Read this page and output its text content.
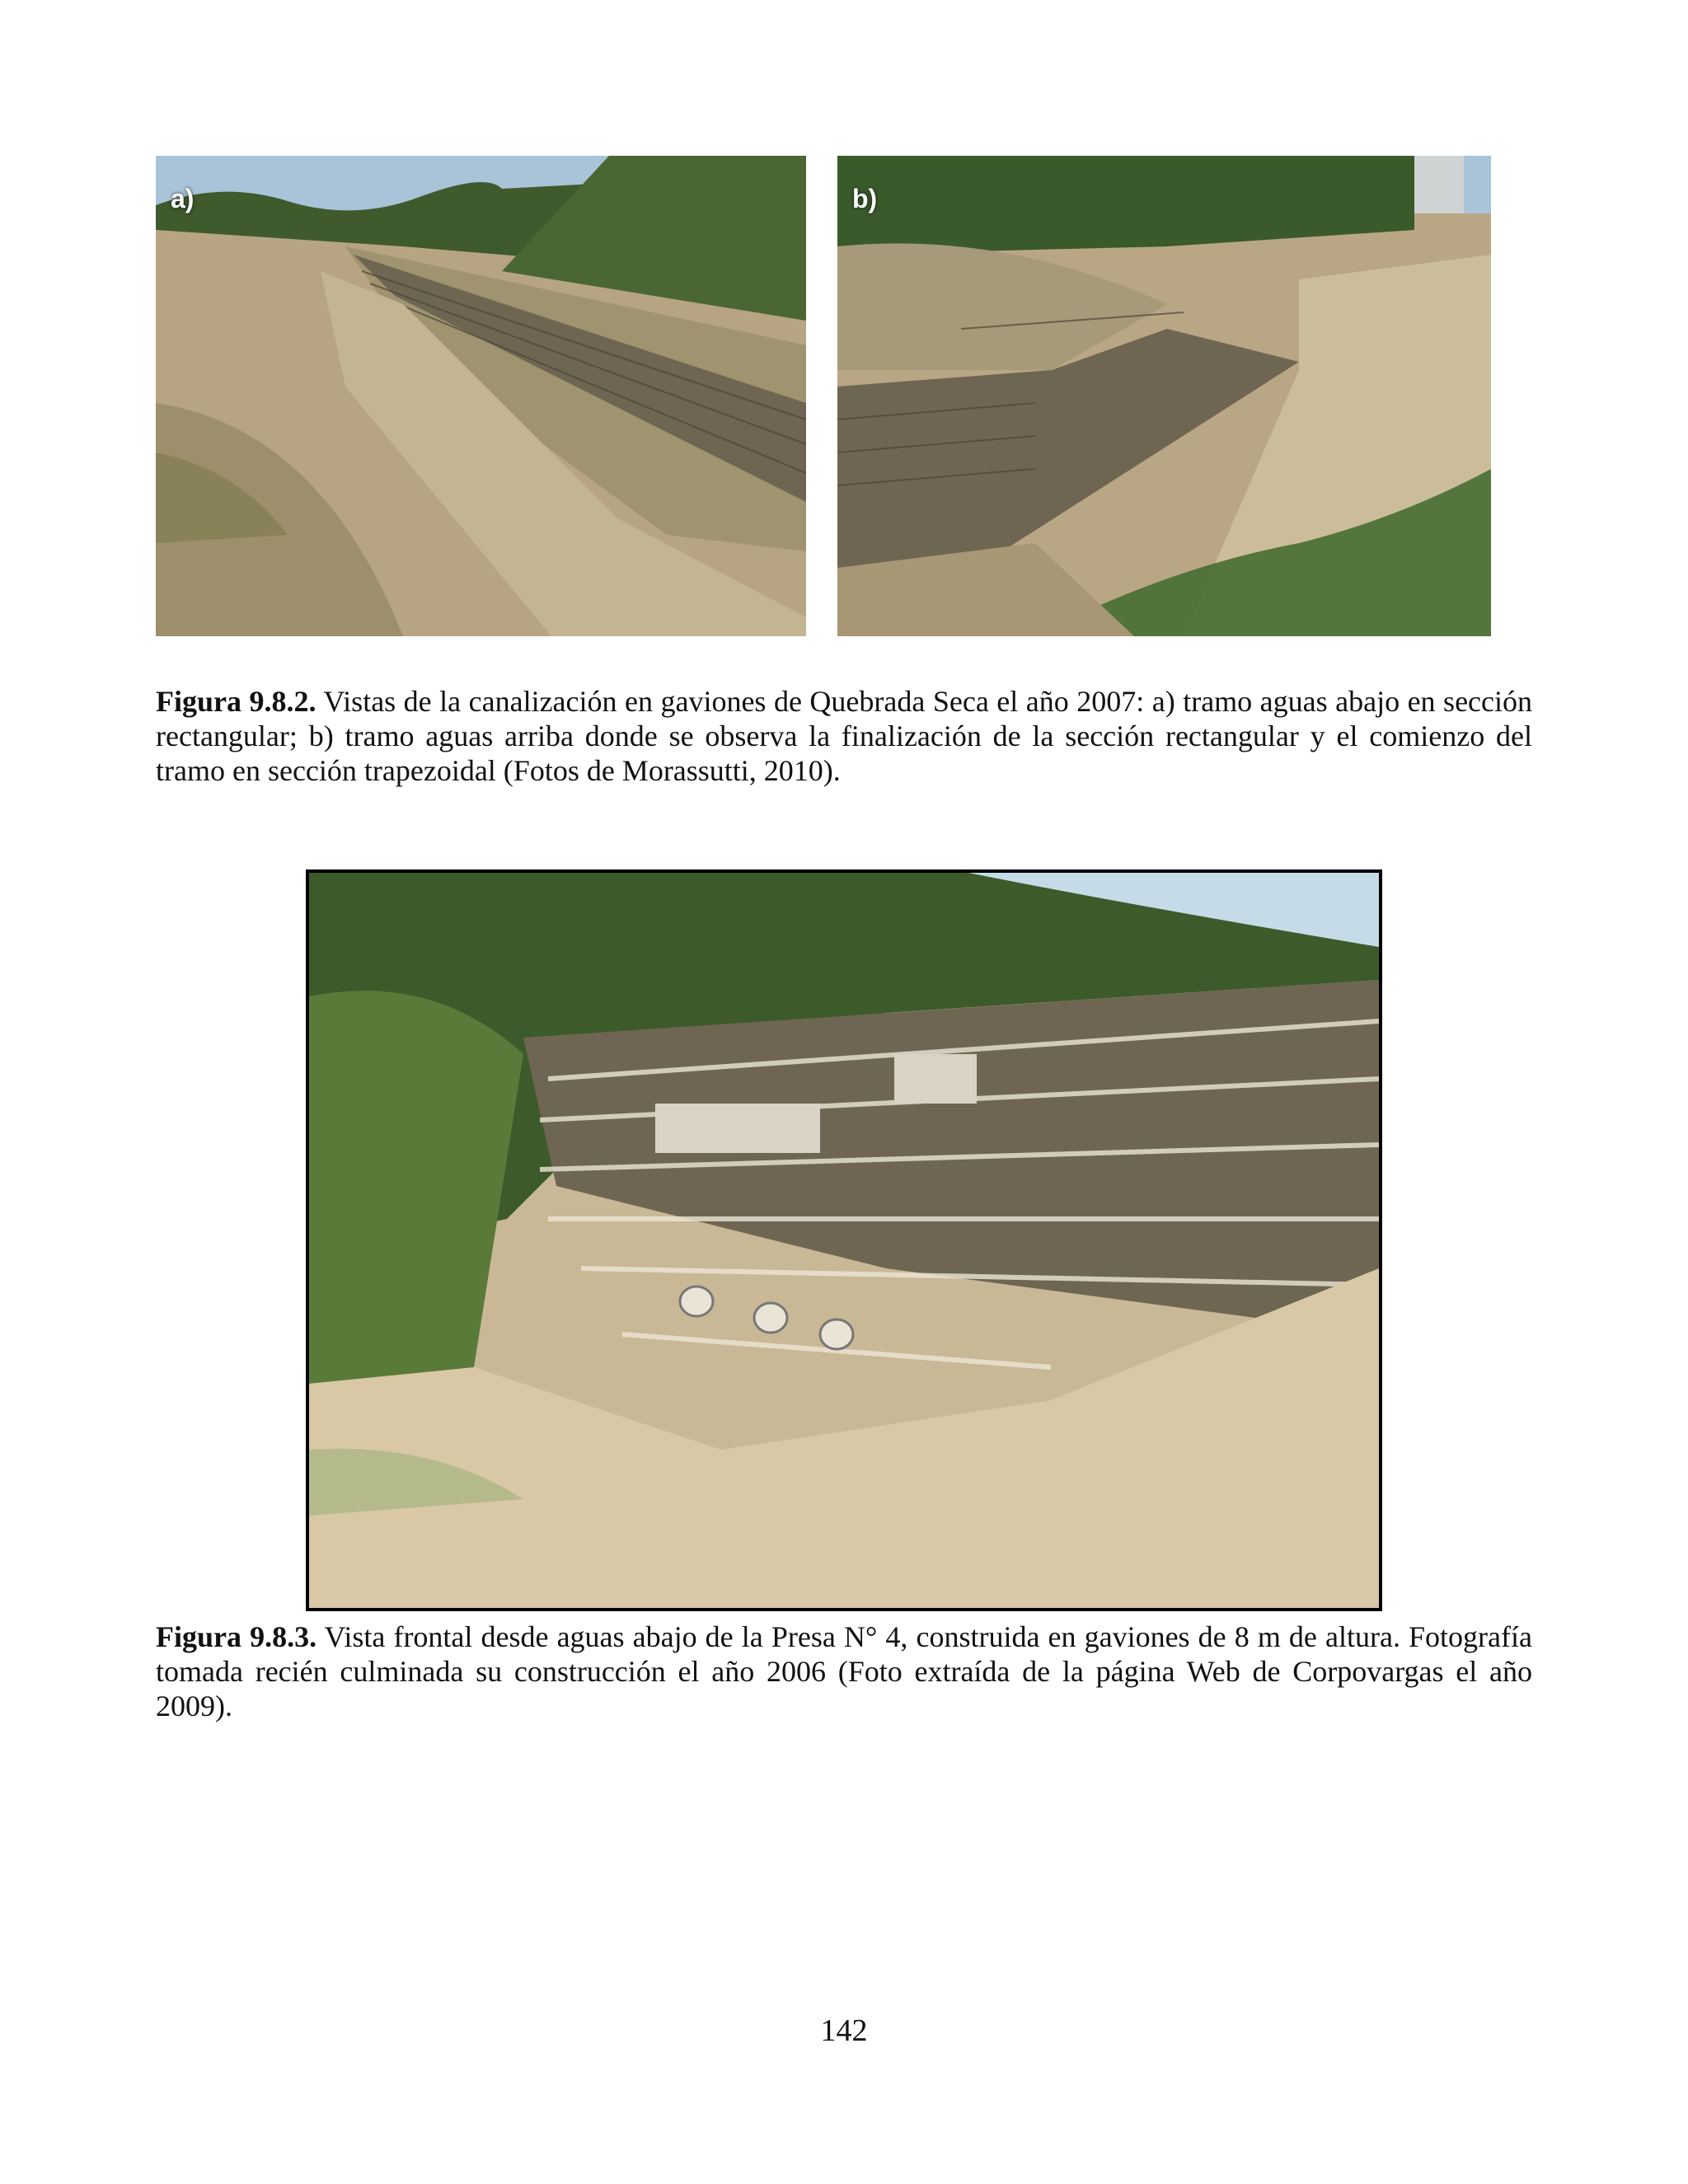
a)	b)

Figura 9.8.2. Vistas de la canalización en gaviones de Quebrada Seca el año 2007: a) tramo aguas abajo en sección rectangular; b) tramo aguas arriba donde se observa la finalización de la sección rectangular y el comienzo del tramo en sección trapezoidal (Fotos de Morassutti, 2010).

Figura 9.8.3. Vista frontal desde aguas abajo de la Presa N° 4, construida en gaviones de 8 m de altura. Fotografía tomada recién culminada su construcción el año 2006 (Foto extraída de la página Web de Corpovargas el año 2009).

142
